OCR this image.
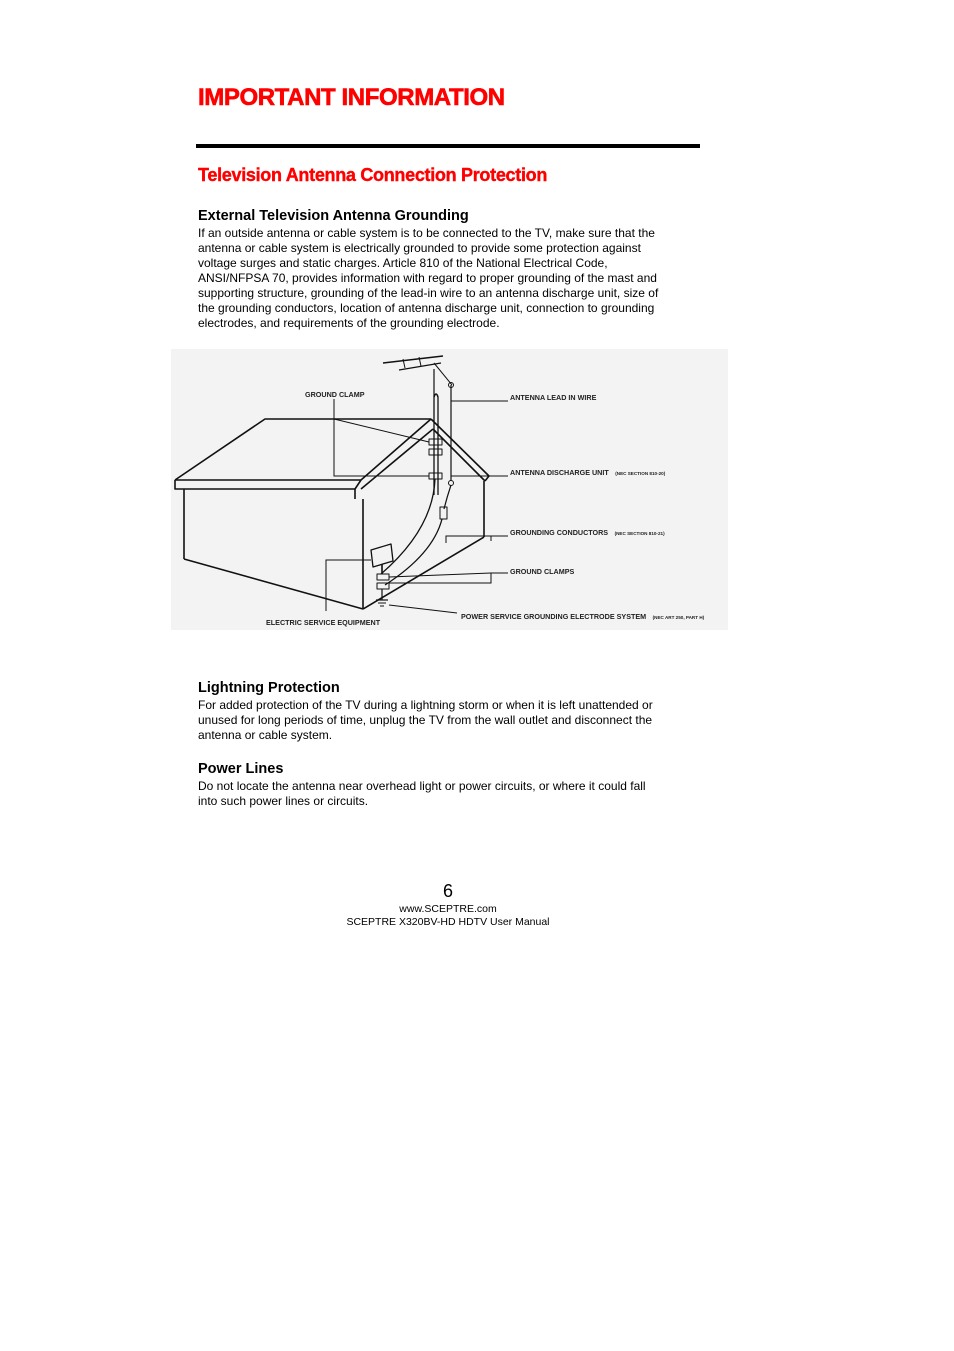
IMPORTANT INFORMATION
Television Antenna Connection Protection
External Television Antenna Grounding
If an outside antenna or cable system is to be connected to the TV, make sure that the
antenna or cable system is electrically grounded to provide some protection against
voltage surges and static charges. Article 810 of the National Electrical Code,
ANSI/NFPSA 70, provides information with regard to proper grounding of the mast and
supporting structure, grounding of the lead-in wire to an antenna discharge unit, size of
the grounding conductors, location of antenna discharge unit, connection to grounding
electrodes, and requirements of the grounding electrode.
GROUND CLAMP	ANTENNA LEAD IN WIRE
ANTENNA DISCHARGE UNIT (NEC SECTION 810-20)
GROUNDING CONDUCTORS (NEC SECTION 810-21)
GROUND CLAMPS
POWER SERVICE GROUNDING ELECTRODE SYSTEM (NEC ART 250, PART H)
ELECTRIC SERVICE EQUIPMENT
Lightning Protection
For added protection of the TV during a lightning storm or when it is left unattended or
unused for long periods of time, unplug the TV from the wall outlet and disconnect the
antenna or cable system.
Power Lines
Do not locate the antenna near overhead light or power circuits, or where it could fall
into such power lines or circuits.
6
www.SCEPTRE.com
SCEPTRE X320BV-HD HDTV User Manual
